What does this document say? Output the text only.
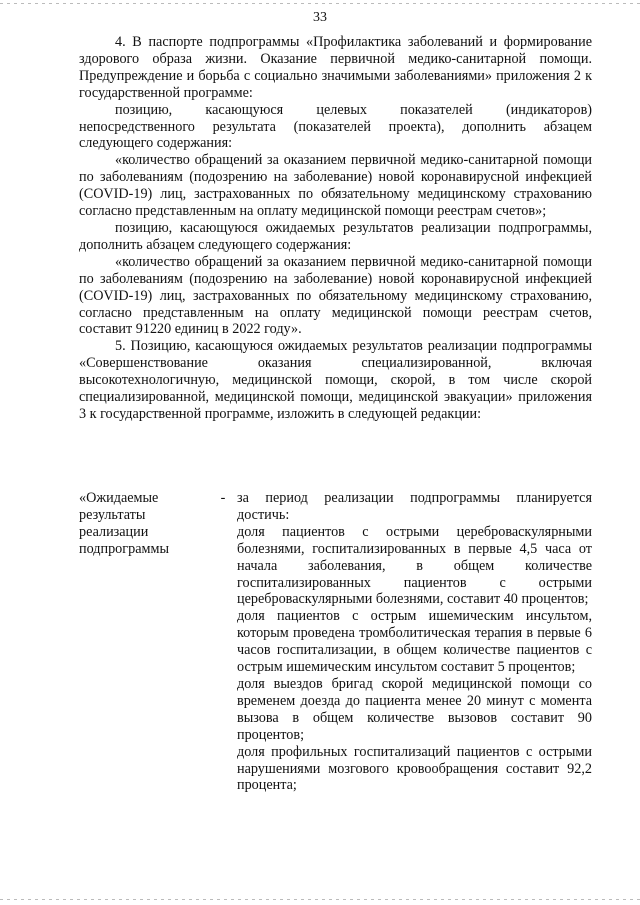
33

4. В паспорте подпрограммы «Профилактика заболеваний и формирование здорового образа жизни. Оказание первичной медико-санитарной помощи. Предупреждение и борьба с социально значимыми заболеваниями» приложения 2 к государственной программе:

позицию, касающуюся целевых показателей (индикаторов) непосредственного результата (показателей проекта), дополнить абзацем следующего содержания:

«количество обращений за оказанием первичной медико-санитарной помощи по заболеваниям (подозрению на заболевание) новой коронавирусной инфекцией (COVID-19) лиц, застрахованных по обязательному медицинскому страхованию согласно представленным на оплату медицинской помощи реестрам счетов»;

позицию, касающуюся ожидаемых результатов реализации подпрограммы, дополнить абзацем следующего содержания:

«количество обращений за оказанием первичной медико-санитарной помощи по заболеваниям (подозрению на заболевание) новой коронавирусной инфекцией (COVID-19) лиц, застрахованных по обязательному медицинскому страхованию, согласно представленным на оплату медицинской помощи реестрам счетов, составит 91220 единиц в 2022 году».

5. Позицию, касающуюся ожидаемых результатов реализации подпрограммы «Совершенствование оказания специализированной, включая высокотехнологичную, медицинской помощи, скорой, в том числе скорой специализированной, медицинской помощи, медицинской эвакуации» приложения 3 к государственной программе, изложить в следующей редакции:

«Ожидаемые результаты реализации подпрограммы
- за период реализации подпрограммы планируется достичь:

доля пациентов с острыми цереброваскулярными болезнями, госпитализированных в первые 4,5 часа от начала заболевания, в общем количестве госпитализированных пациентов с острыми цереброваскулярными болезнями, составит 40 процентов;

доля пациентов с острым ишемическим инсультом, которым проведена тромболитическая терапия в первые 6 часов госпитализации, в общем количестве пациентов с острым ишемическим инсультом составит 5 процентов;

доля выездов бригад скорой медицинской помощи со временем доезда до пациента менее 20 минут с момента вызова в общем количестве вызовов составит 90 процентов;

доля профильных госпитализаций пациентов с острыми нарушениями мозгового кровообращения составит 92,2 процента;
